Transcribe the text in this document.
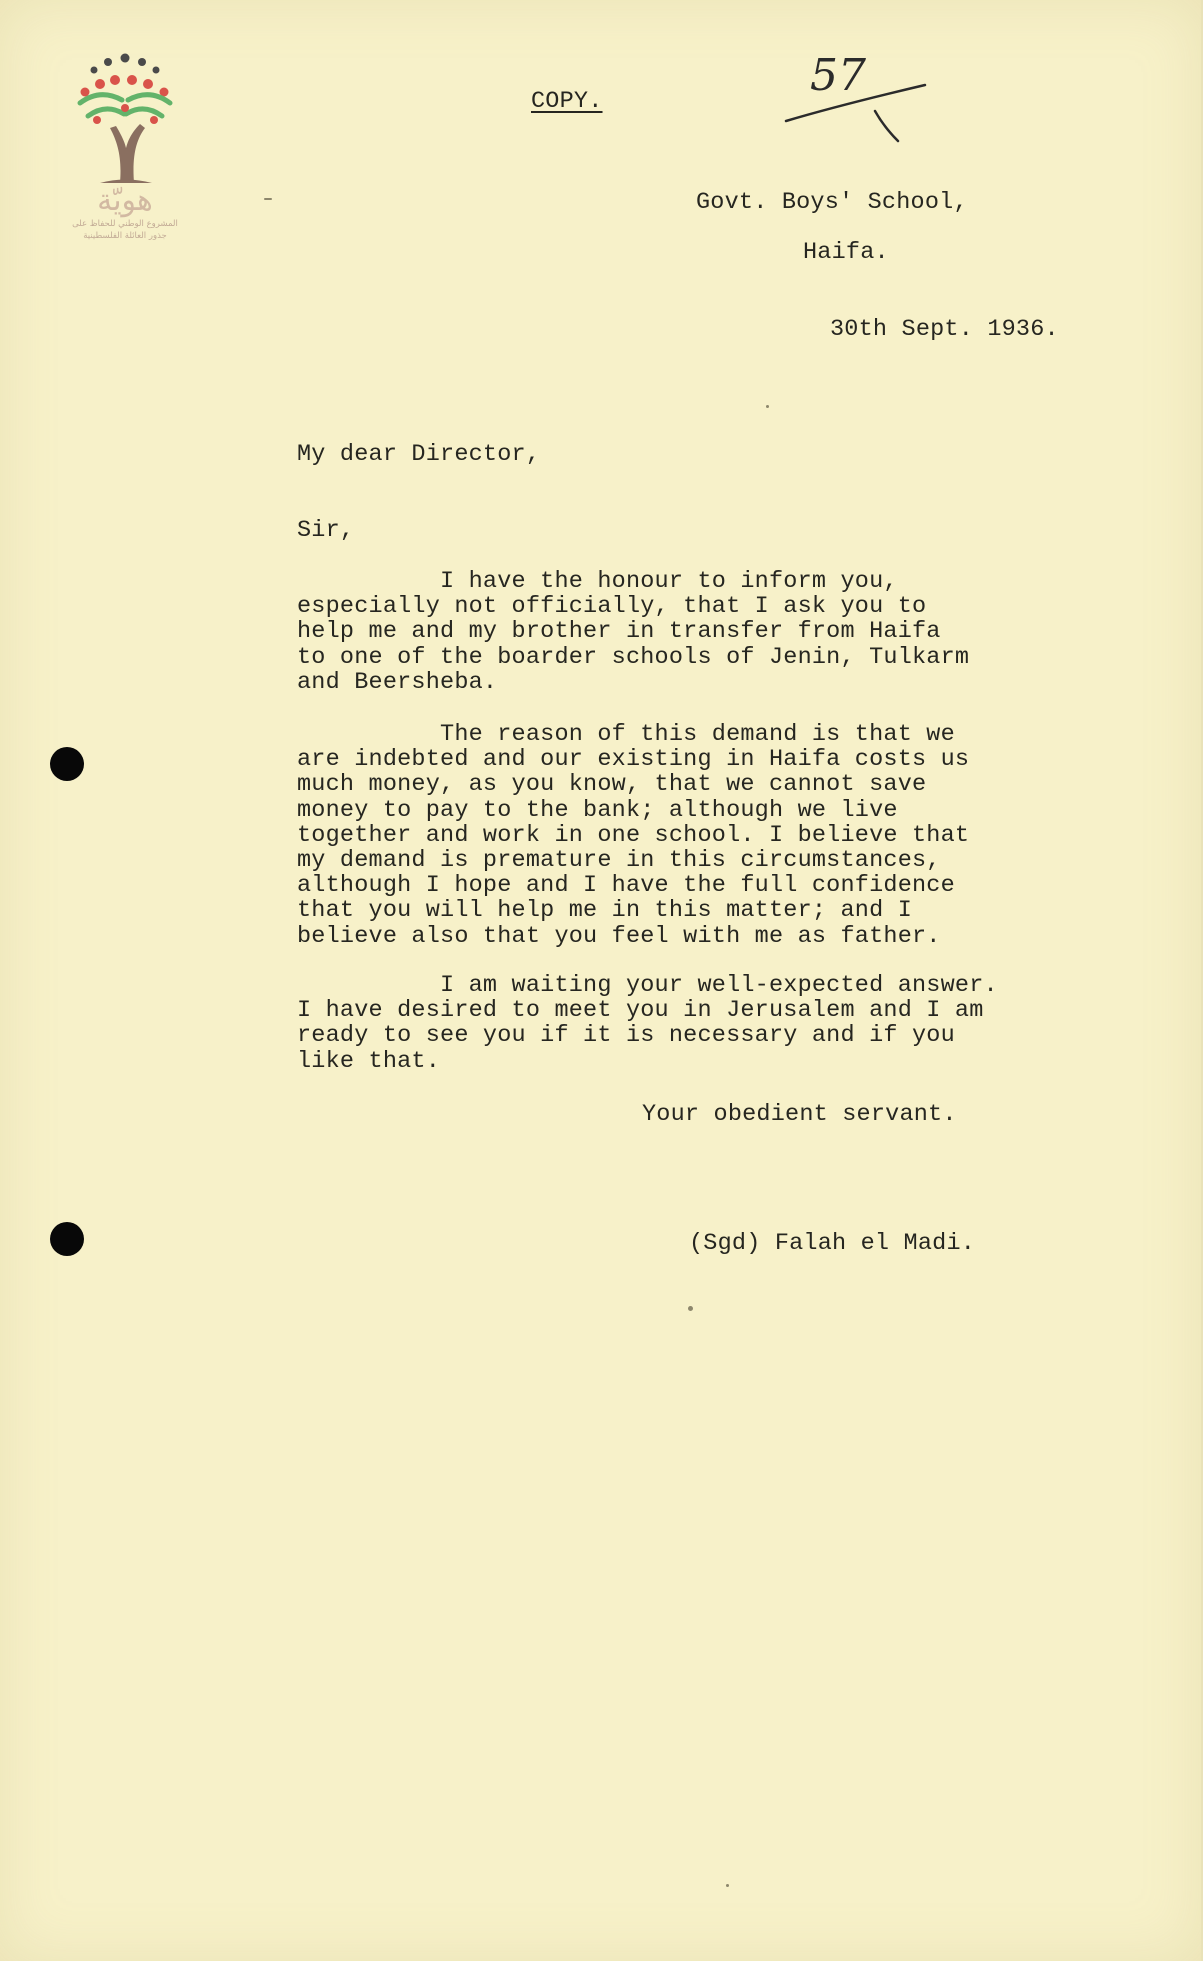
هويّة
المشروع الوطني للحفاظ على
جذور العائلة الفلسطينية
COPY.
57
Govt. Boys' School,
Haifa.
30th Sept. 1936.
My dear Director,
Sir,
I have the honour to inform you,
especially not officially, that I ask you to
help me and my brother in transfer from Haifa
to one of the boarder schools of Jenin, Tulkarm
and Beersheba.
The reason of this demand is that we
are indebted and our existing in Haifa costs us
much money, as you know, that we cannot save
money to pay to the bank; although we live
together and work in one school. I believe that
my demand is premature in this circumstances,
although I hope and I have the full confidence
that you will help me in this matter; and I
believe also that you feel with me as father.
I am waiting your well-expected answer.
I have desired to meet you in Jerusalem and I am
ready to see you if it is necessary and if you
like that.
Your obedient servant.
(Sgd) Falah el Madi.
